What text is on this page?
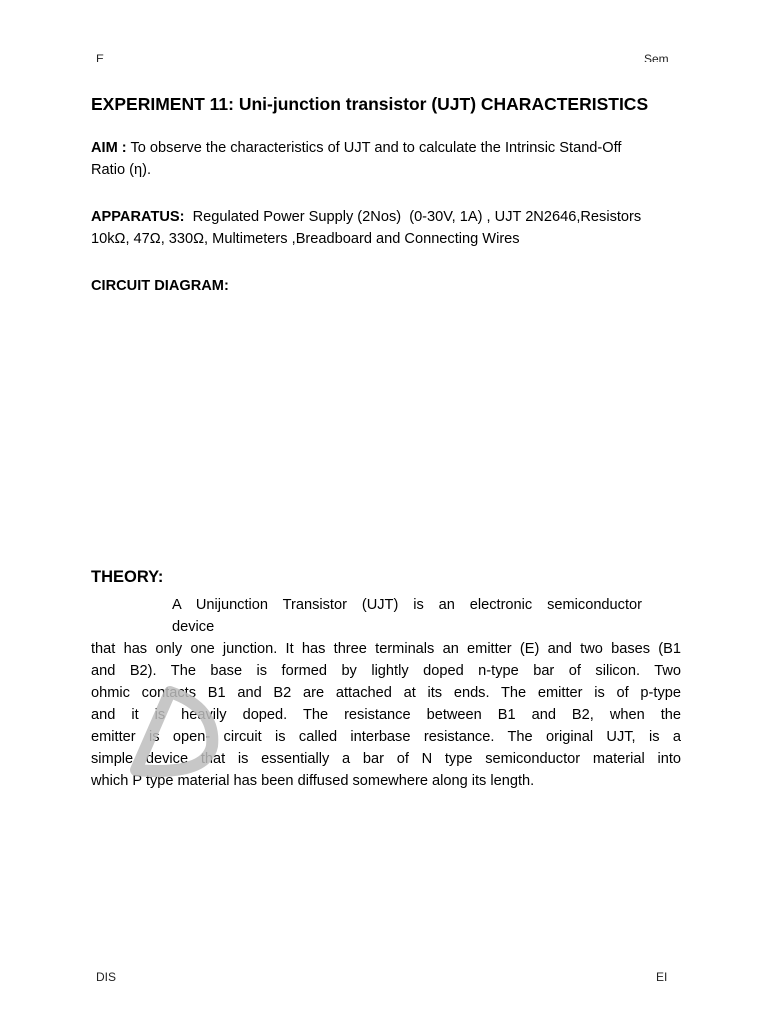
E	Sem
EXPERIMENT 11: Uni-junction transistor (UJT) CHARACTERISTICS
AIM : To observe the characteristics of UJT and to calculate the Intrinsic Stand-Off
Ratio (η).
APPARATUS:  Regulated Power Supply (2Nos)  (0-30V, 1A) , UJT 2N2646,Resistors
10kΩ, 47Ω, 330Ω, Multimeters ,Breadboard and Connecting Wires
CIRCUIT DIAGRAM:
THEORY:
A Unijunction Transistor (UJT) is an electronic semiconductor
device
that has only one junction. It has three terminals an emitter (E) and two bases (B1
and B2). The base is formed by lightly doped n-type bar of silicon. Two
ohmic contacts B1 and B2 are attached at its ends. The emitter is of p-type
and it is heavily doped. The resistance between B1 and B2, when the
emitter is open- circuit is called interbase resistance. The original UJT, is a
simple device that is essentially a bar of N type semiconductor material into
which P type material has been diffused somewhere along its length.
DIS	EI
